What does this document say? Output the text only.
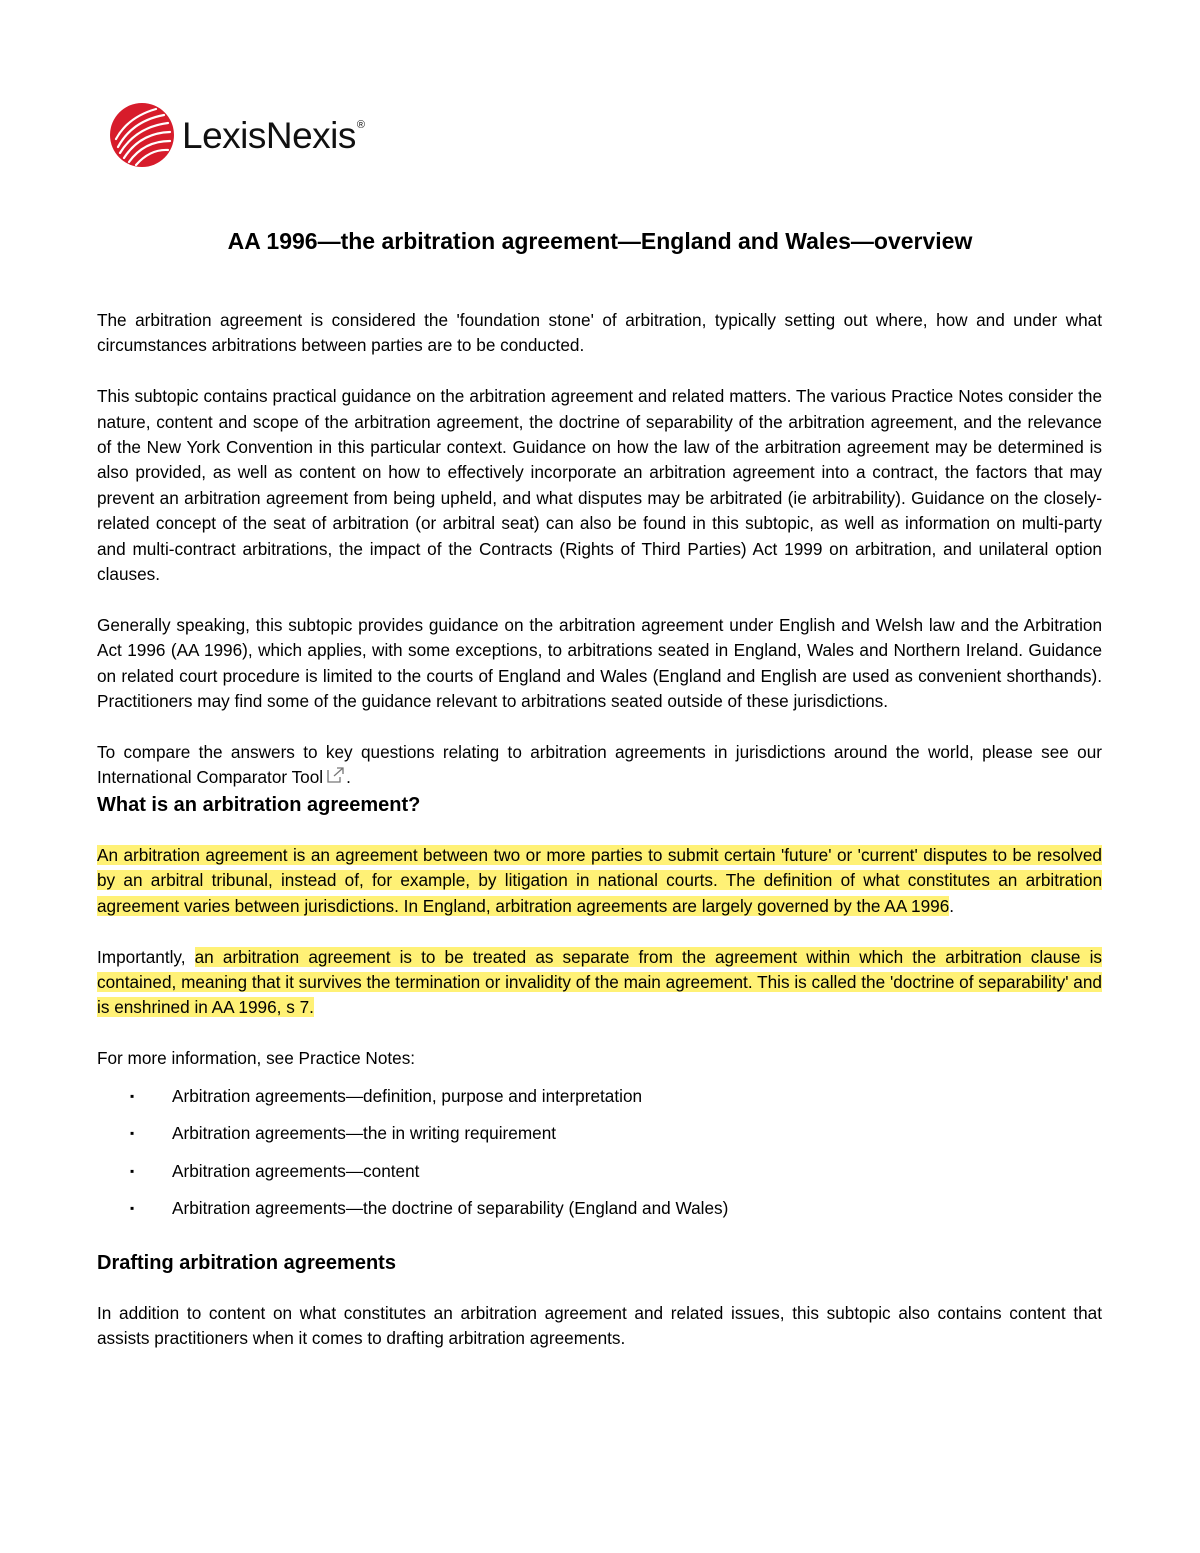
LexisNexis®
AA 1996—the arbitration agreement—England and Wales—overview

The arbitration agreement is considered the 'foundation stone' of arbitration, typically setting out where, how and under what circumstances arbitrations between parties are to be conducted.

This subtopic contains practical guidance on the arbitration agreement and related matters. The various Practice Notes consider the nature, content and scope of the arbitration agreement, the doctrine of separability of the arbitration agreement, and the relevance of the New York Convention in this particular context. Guidance on how the law of the arbitration agreement may be determined is also provided, as well as content on how to effectively incorporate an arbitration agreement into a contract, the factors that may prevent an arbitration agreement from being upheld, and what disputes may be arbitrated (ie arbitrability). Guidance on the closely-related concept of the seat of arbitration (or arbitral seat) can also be found in this subtopic, as well as information on multi-party and multi-contract arbitrations, the impact of the Contracts (Rights of Third Parties) Act 1999 on arbitration, and unilateral option clauses.

Generally speaking, this subtopic provides guidance on the arbitration agreement under English and Welsh law and the Arbitration Act 1996 (AA 1996), which applies, with some exceptions, to arbitrations seated in England, Wales and Northern Ireland. Guidance on related court procedure is limited to the courts of England and Wales (England and English are used as convenient shorthands). Practitioners may find some of the guidance relevant to arbitrations seated outside of these jurisdictions.

To compare the answers to key questions relating to arbitration agreements in jurisdictions around the world, please see our International Comparator Tool .

What is an arbitration agreement?

An arbitration agreement is an agreement between two or more parties to submit certain 'future' or 'current' disputes to be resolved by an arbitral tribunal, instead of, for example, by litigation in national courts. The definition of what constitutes an arbitration agreement varies between jurisdictions. In England, arbitration agreements are largely governed by the AA 1996.

Importantly, an arbitration agreement is to be treated as separate from the agreement within which the arbitration clause is contained, meaning that it survives the termination or invalidity of the main agreement. This is called the 'doctrine of separability' and is enshrined in AA 1996, s 7.

For more information, see Practice Notes:

▪ Arbitration agreements—definition, purpose and interpretation
▪ Arbitration agreements—the in writing requirement
▪ Arbitration agreements—content
▪ Arbitration agreements—the doctrine of separability (England and Wales)
Drafting arbitration agreements

In addition to content on what constitutes an arbitration agreement and related issues, this subtopic also contains content that assists practitioners when it comes to drafting arbitration agreements.
